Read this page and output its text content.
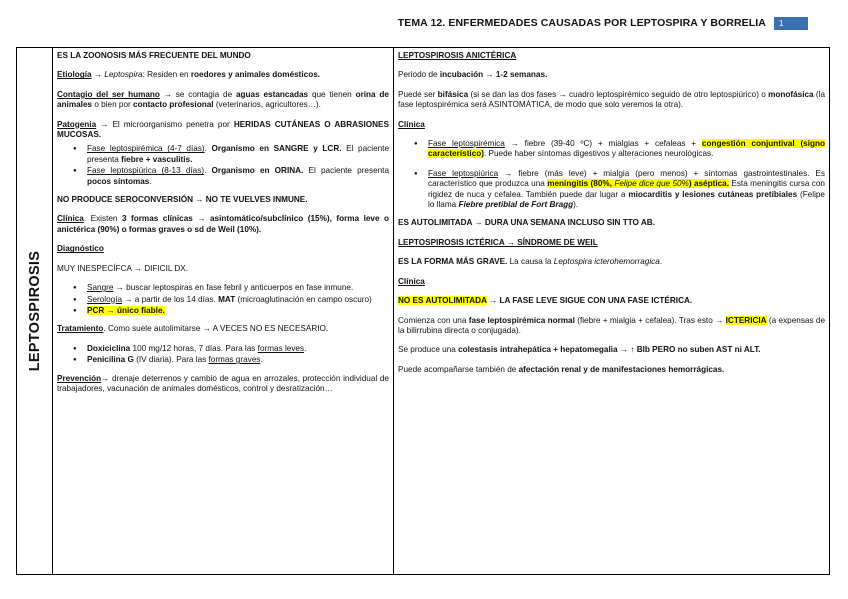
TEMA 12. ENFERMEDADES CAUSADAS POR LEPTOSPIRA Y BORRELIA	1
LEPTOSPIROSIS

ES LA ZOONOSIS MÁS FRECUENTE DEL MUNDO

Etiología → Leptospira: Residen en roedores y animales domésticos.

Contagio del ser humano → se contagia de aguas estancadas que tienen orina de animales o bien por contacto profesional (veterinarios, agricultores…).

Patogenia → El microorganismo penetra por HERIDAS CUTÁNEAS O ABRASIONES MUCOSAS.

● Fase leptospirémica (4-7 días). Organismo en SANGRE y LCR. El paciente presenta fiebre + vasculitis.
● Fase leptospiúrica (8-13 días). Organismo en ORINA. El paciente presenta pocos síntomas.

NO PRODUCE SEROCONVERSIÓN → NO TE VUELVES INMUNE.

Clínica. Existen 3 formas clínicas → asintomático/subclínico (15%), forma leve o anictérica (90%) o formas graves o sd de Weil (10%).

Diagnóstico

MUY INESPECÍFCA → DIFICIL DX.

● Sangre → buscar leptospiras en fase febril y anticuerpos en fase inmune.
● Serología → a partir de los 14 días. MAT (microaglutinación en campo oscuro)
● PCR → único fiable.

Tratamiento. Como suele autolimitarse → A VECES NO ES NECESARIO.

● Doxiciclina 100 mg/12 horas, 7 días. Para las formas leves.
● Penicilina G (IV diaria). Para las formas graves.

Prevención→ drenaje deterrenos y cambio de agua en arrozales, protección individual de trabajadores, vacunación de animales domésticos, control y desratización…

LEPTOSPIROSIS ANICTÉRICA

Periodo de incubación → 1-2 semanas.

Puede ser bifásica (si se dan las dos fases → cuadro leptospirémico seguido de otro leptospiúrico) o monofásica (la fase leptospirémica será ASINTOMÁTICA, de modo que solo veremos la otra).

Clínica

● Fase leptospirémica → fiebre (39-40 ºC) + mialgias + cefaleas + congestión conjuntival (signo característico). Puede haber síntomas digestivos y alteraciones neurológicas.
● Fase leptospiúrica → fiebre (más leve) + mialgia (pero menos) + síntomas gastrointestinales. Es característico que produzca una meningitis (80%, Felipe dice que 50%) aséptica. Esta meningitis cursa con rigidez de nuca y cefalea. También puede dar lugar a miocarditis y lesiones cutáneas pretibiales (Felipe lo llama Fiebre pretibial de Fort Bragg).

ES AUTOLIMITADA → DURA UNA SEMANA INCLUSO SIN TTO AB.

LEPTOSPIROSIS ICTÉRICA → SÍNDROME DE WEIL

ES LA FORMA MÁS GRAVE. La causa la Leptospira icterohemorragica.

Clínica

NO ES AUTOLIMITADA → LA FASE LEVE SIGUE CON UNA FASE ICTÉRICA.

Comienza con una fase leptospirémica normal (fiebre + mialgia + cefalea). Tras esto → ICTERICIA (a expensas de la bilirrubina directa o conjugada).

Se produce una colestasis intrahepática + hepatomegalia → ↑ Blb PERO no suben AST ni ALT.

Puede acompañarse también de afectación renal y de manifestaciones hemorrágicas.
